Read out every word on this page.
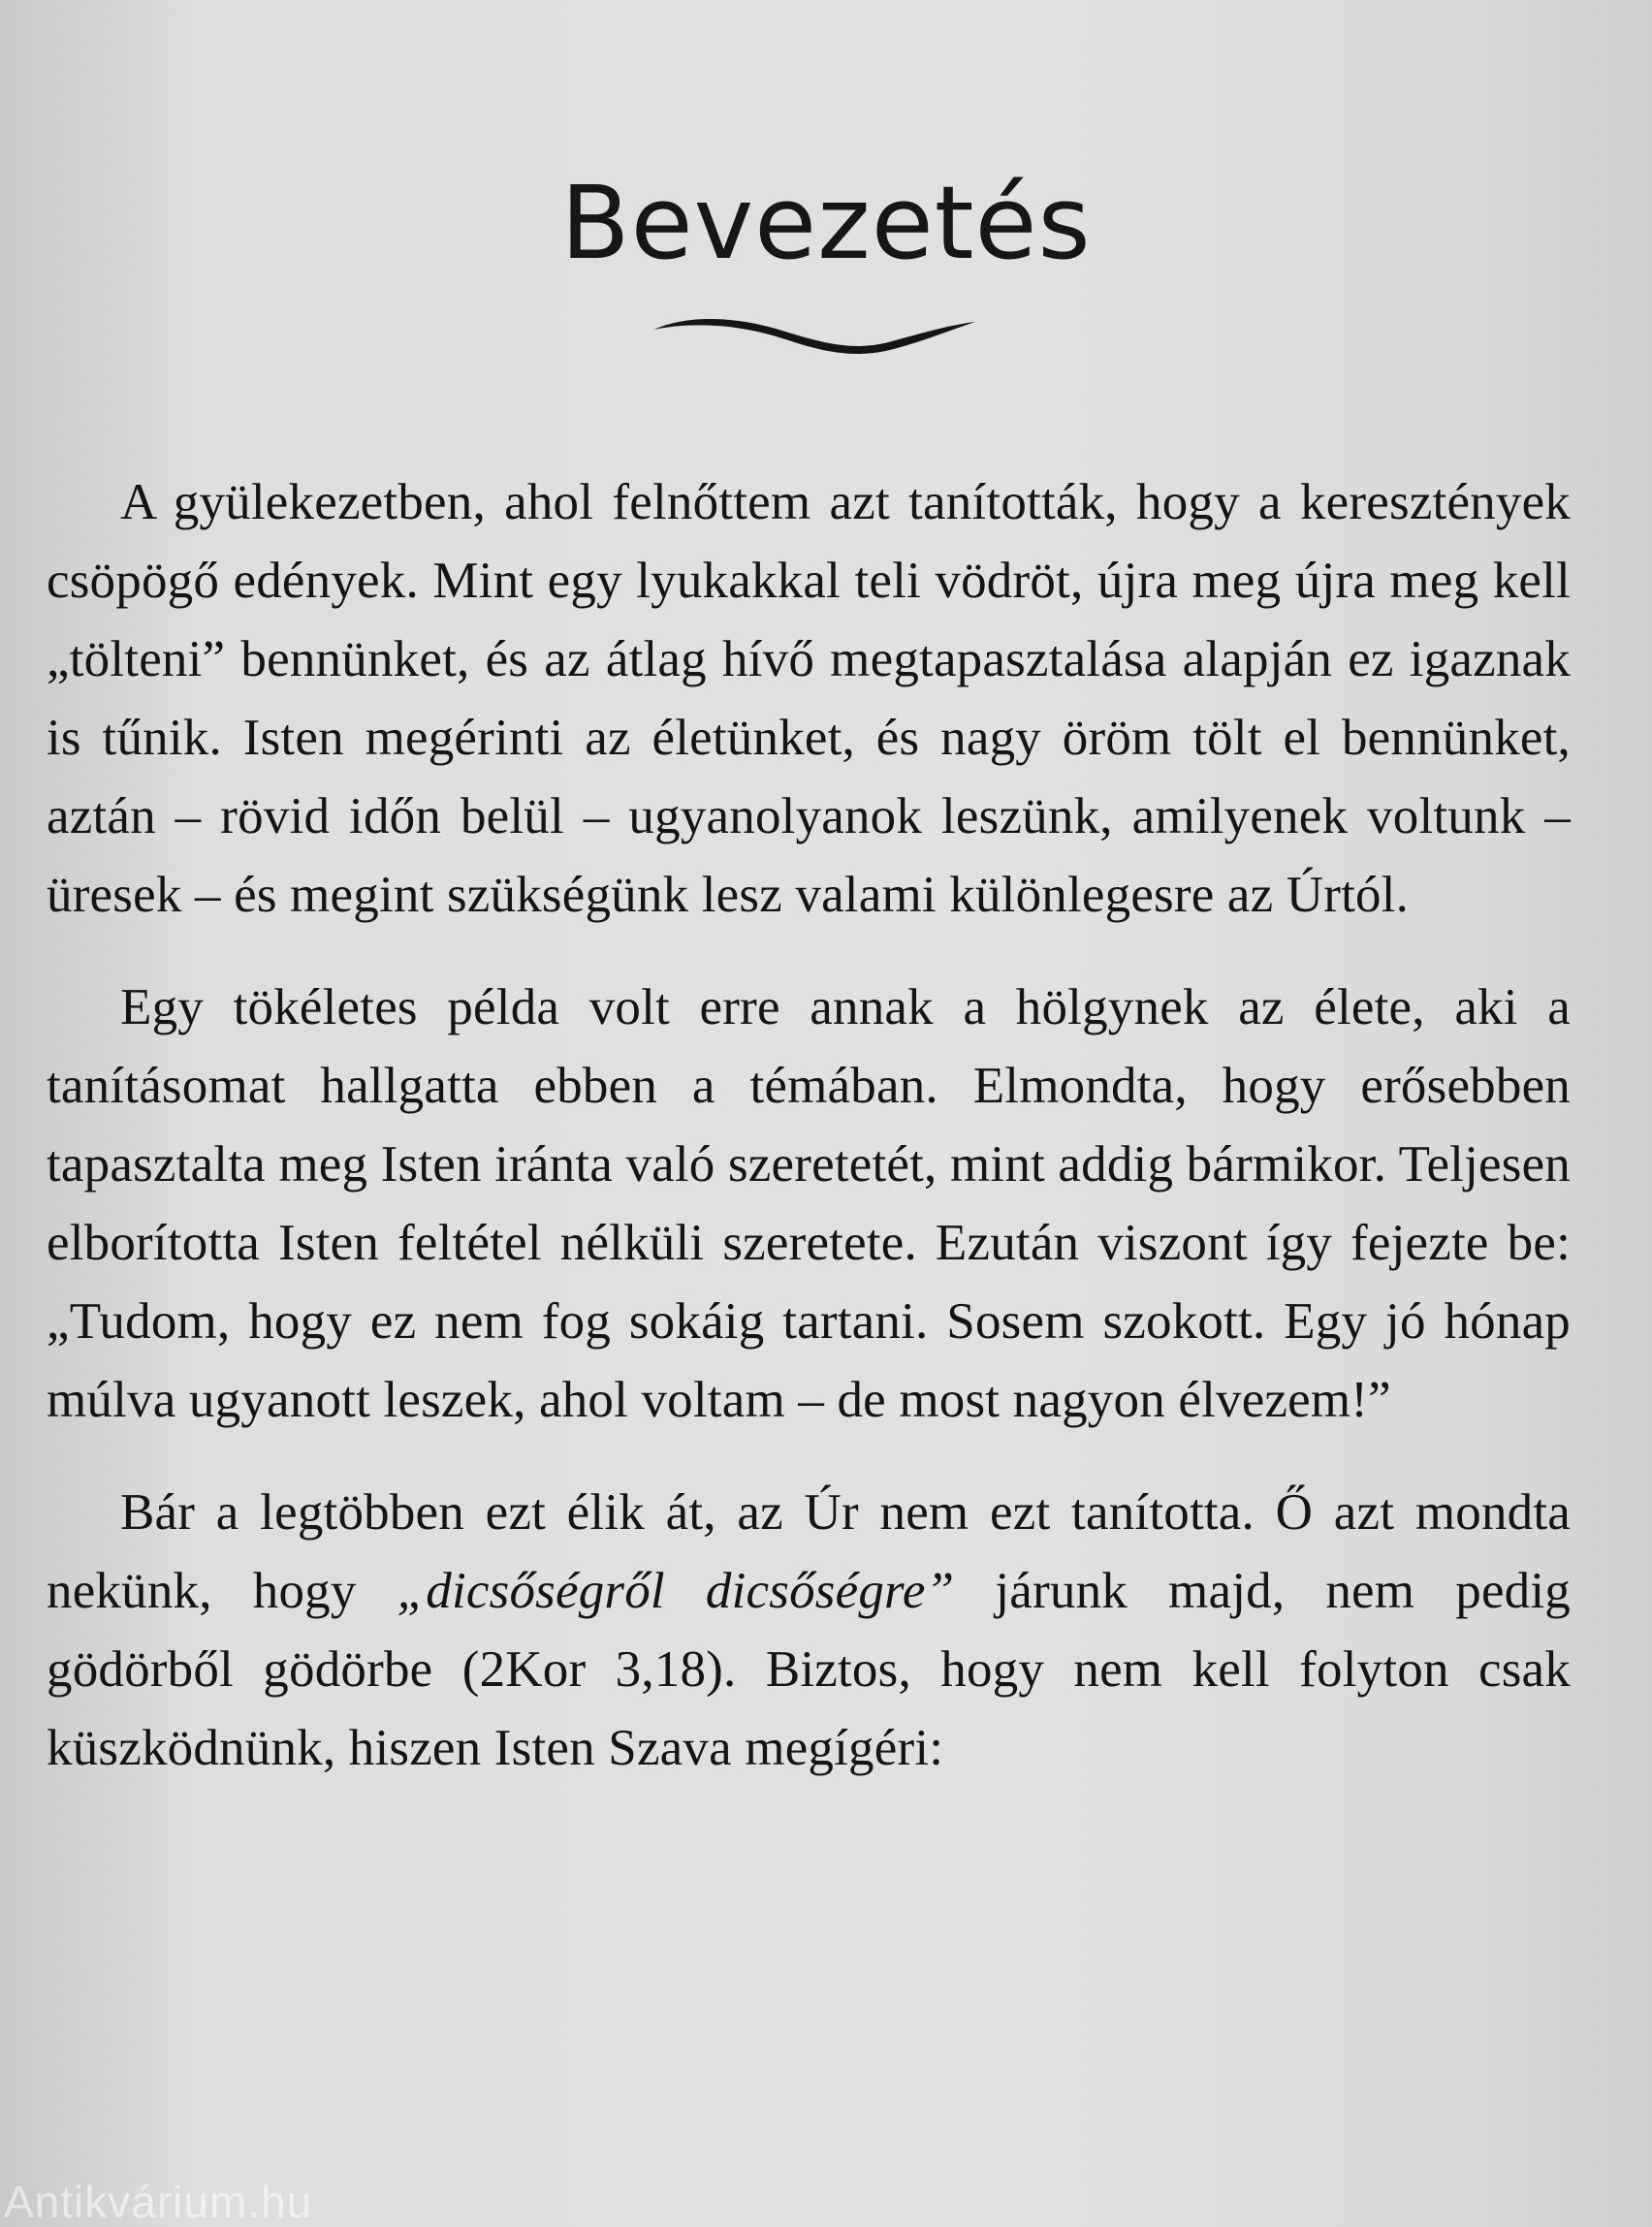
Bevezetés

A gyülekezetben, ahol felnőttem azt tanították, hogy a keresztények csöpögő edények. Mint egy lyukakkal teli vödröt, újra meg újra meg kell „tölteni” bennünket, és az átlag hívő megtapasztalása alapján ez igaznak is tűnik. Isten megérinti az életünket, és nagy öröm tölt el bennünket, aztán – rövid időn belül – ugyanolyanok leszünk, amilyenek voltunk – üresek – és megint szükségünk lesz valami különlegesre az Úrtól.

Egy tökéletes példa volt erre annak a hölgynek az élete, aki a tanításomat hallgatta ebben a témában. Elmondta, hogy erősebben tapasztalta meg Isten iránta való szeretetét, mint addig bármikor. Teljesen elborította Isten feltétel nélküli szeretete. Ezután viszont így fejezte be: „Tudom, hogy ez nem fog sokáig tartani. Sosem szokott. Egy jó hónap múlva ugyanott leszek, ahol voltam – de most nagyon élvezem!”

Bár a legtöbben ezt élik át, az Úr nem ezt tanította. Ő azt mondta nekünk, hogy „dicsőségről dicsőségre” járunk majd, nem pedig gödörből gödörbe (2Kor 3,18). Biztos, hogy nem kell folyton csak küszködnünk, hiszen Isten Szava megígéri:

Antikvárium.hu
